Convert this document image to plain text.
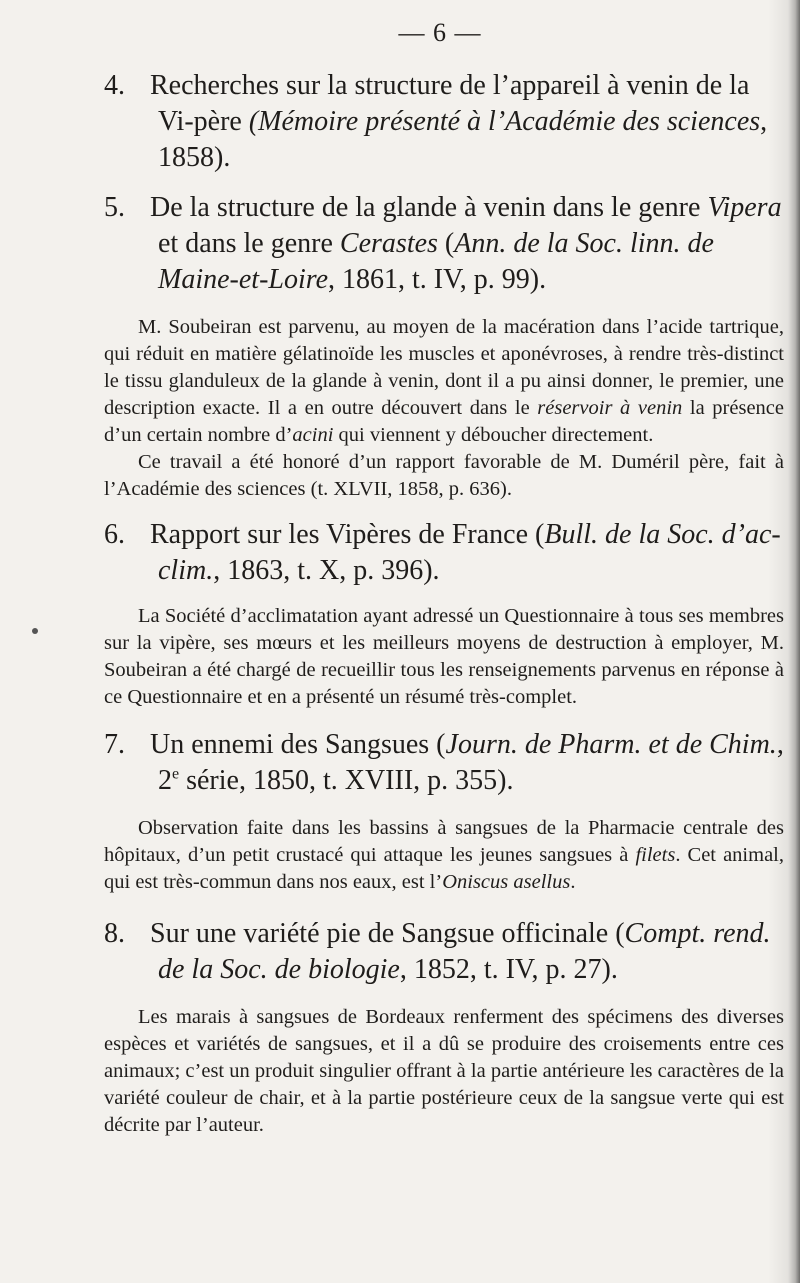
— 6 —

4. Recherches sur la structure de l’appareil à venin de la Vi-père (Mémoire présenté à l’Académie des sciences, 1858).

5. De la structure de la glande à venin dans le genre Vipera et dans le genre Cerastes (Ann. de la Soc. linn. de Maine-et-Loire, 1861, t. IV, p. 99).

M. Soubeiran est parvenu, au moyen de la macération dans l’acide tartrique, qui réduit en matière gélatinoïde les muscles et aponévroses, à rendre très-distinct le tissu glanduleux de la glande à venin, dont il a pu ainsi donner, le premier, une description exacte. Il a en outre découvert dans le réservoir à venin la présence d’un certain nombre d’acini qui viennent y déboucher directement.

Ce travail a été honoré d’un rapport favorable de M. Duméril père, fait à l’Académie des sciences (t. XLVII, 1858, p. 636).

6. Rapport sur les Vipères de France (Bull. de la Soc. d’ac-clim., 1863, t. X, p. 396).

La Société d’acclimatation ayant adressé un Questionnaire à tous ses membres sur la vipère, ses mœurs et les meilleurs moyens de destruction à employer, M. Soubeiran a été chargé de recueillir tous les renseignements parvenus en réponse à ce Questionnaire et en a présenté un résumé très-complet.

7. Un ennemi des Sangsues (Journ. de Pharm. et de Chim., 2e série, 1850, t. XVIII, p. 355).

Observation faite dans les bassins à sangsues de la Pharmacie centrale des hôpitaux, d’un petit crustacé qui attaque les jeunes sangsues à filets. Cet animal, qui est très-commun dans nos eaux, est l’Oniscus asellus.

8. Sur une variété pie de Sangsue officinale (Compt. rend. de la Soc. de biologie, 1852, t. IV, p. 27).

Les marais à sangsues de Bordeaux renferment des spécimens des diverses espèces et variétés de sangsues, et il a dû se produire des croisements entre ces animaux; c’est un produit singulier offrant à la partie antérieure les caractères de la variété couleur de chair, et à la partie postérieure ceux de la sangsue verte qui est décrite par l’auteur.
